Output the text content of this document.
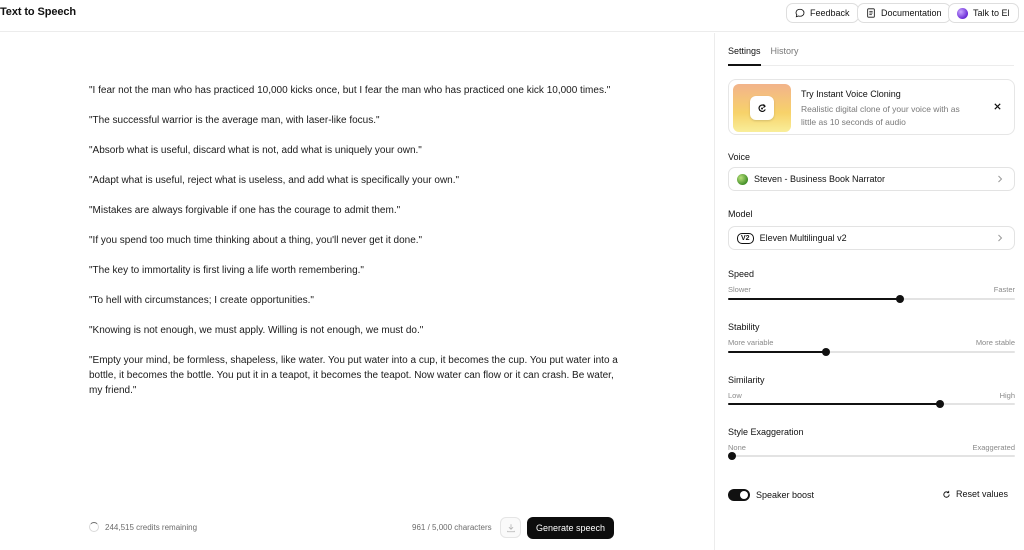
Text to Speech	Feedback	Documentation	Talk to El

"I fear not the man who has practiced 10,000 kicks once, but I fear the man who has practiced one kick 10,000 times."

"The successful warrior is the average man, with laser-like focus."

"Absorb what is useful, discard what is not, add what is uniquely your own."

"Adapt what is useful, reject what is useless, and add what is specifically your own."

"Mistakes are always forgivable if one has the courage to admit them."

"If you spend too much time thinking about a thing, you'll never get it done."

"The key to immortality is first living a life worth remembering."

"To hell with circumstances; I create opportunities."

"Knowing is not enough, we must apply. Willing is not enough, we must do."

"Empty your mind, be formless, shapeless, like water. You put water into a cup, it becomes the cup. You put water into a bottle, it becomes the bottle. You put it in a teapot, it becomes the teapot. Now water can flow or it can crash. Be water, my friend."

244,515 credits remaining	961 / 5,000 characters	Generate speech
Settings History
Try Instant Voice Cloning
Realistic digital clone of your voice with as little as 10 seconds of audio
Voice
Steven - Business Book Narrator
Model
V2	Eleven Multilingual v2
Speed
Slower	Faster
Stability
More variable	More stable
Similarity
Low	High
Style Exaggeration
None	Exaggerated
Speaker boost	Reset values
